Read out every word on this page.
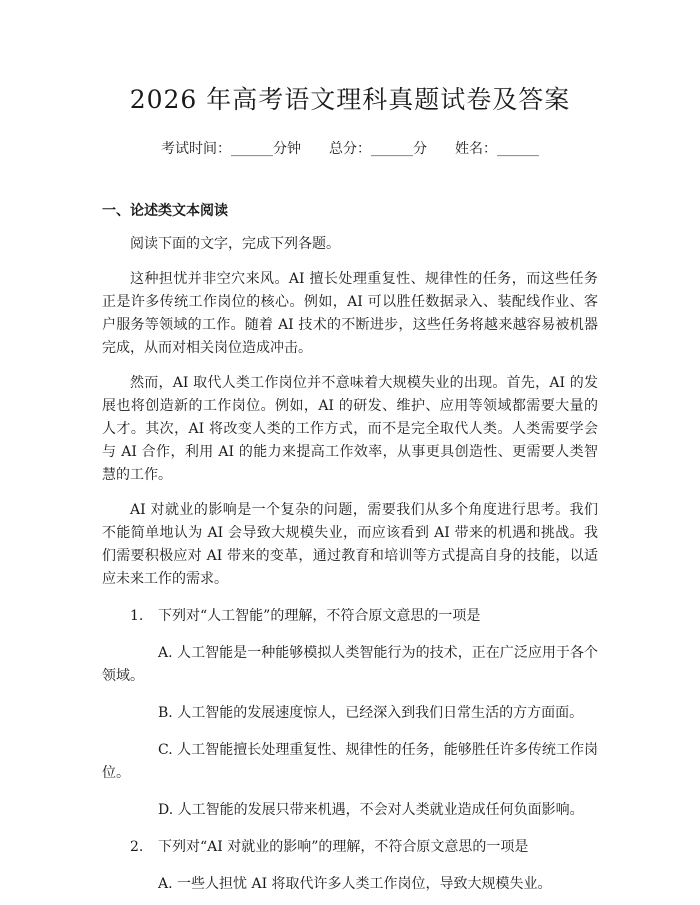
2026 年高考语文理科真题试卷及答案
考试时间：______分钟 总分：______分 姓名：______
一、论述类文本阅读

阅读下面的文字，完成下列各题。

这种担忧并非空穴来风。AI 擅长处理重复性、规律性的任务，而这些任务正是许多传统工作岗位的核心。例如，AI 可以胜任数据录入、装配线作业、客户服务等领域的工作。随着 AI 技术的不断进步，这些任务将越来越容易被机器完成，从而对相关岗位造成冲击。

然而，AI 取代人类工作岗位并不意味着大规模失业的出现。首先，AI 的发展也将创造新的工作岗位。例如，AI 的研发、维护、应用等领域都需要大量的人才。其次，AI 将改变人类的工作方式，而不是完全取代人类。人类需要学会与 AI 合作，利用 AI 的能力来提高工作效率，从事更具创造性、更需要人类智慧的工作。

AI 对就业的影响是一个复杂的问题，需要我们从多个角度进行思考。我们不能简单地认为 AI 会导致大规模失业，而应该看到 AI 带来的机遇和挑战。我们需要积极应对 AI 带来的变革，通过教育和培训等方式提高自身的技能，以适应未来工作的需求。

1. 下列对“人工智能”的理解，不符合原文意思的一项是

A. 人工智能是一种能够模拟人类智能行为的技术，正在广泛应用于各个领域。

B. 人工智能的发展速度惊人，已经深入到我们日常生活的方方面面。

C. 人工智能擅长处理重复性、规律性的任务，能够胜任许多传统工作岗位。

D. 人工智能的发展只带来机遇，不会对人类就业造成任何负面影响。

2. 下列对“AI 对就业的影响”的理解，不符合原文意思的一项是

A. 一些人担忧 AI 将取代许多人类工作岗位，导致大规模失业。
